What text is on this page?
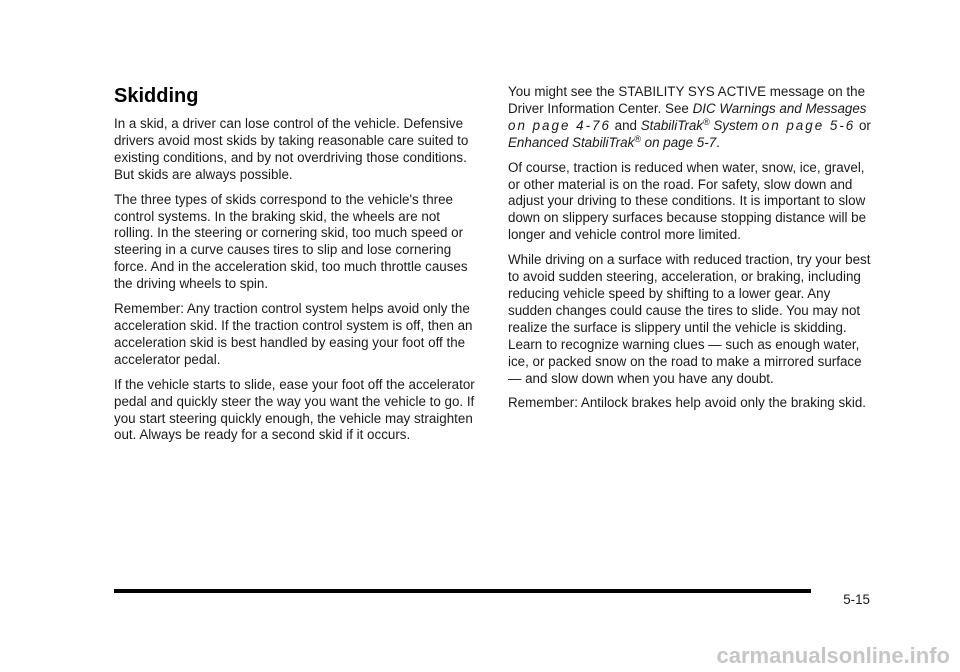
Skidding

In a skid, a driver can lose control of the vehicle. Defensive drivers avoid most skids by taking reasonable care suited to existing conditions, and by not overdriving those conditions. But skids are always possible.

The three types of skids correspond to the vehicle's three control systems. In the braking skid, the wheels are not rolling. In the steering or cornering skid, too much speed or steering in a curve causes tires to slip and lose cornering force. And in the acceleration skid, too much throttle causes the driving wheels to spin.

Remember: Any traction control system helps avoid only the acceleration skid. If the traction control system is off, then an acceleration skid is best handled by easing your foot off the accelerator pedal.

If the vehicle starts to slide, ease your foot off the accelerator pedal and quickly steer the way you want the vehicle to go. If you start steering quickly enough, the vehicle may straighten out. Always be ready for a second skid if it occurs.

You might see the STABILITY SYS ACTIVE message on the Driver Information Center. See DIC Warnings and Messages on page 4-76 and StabiliTrak® System on page 5-6 or Enhanced StabiliTrak® on page 5-7.

Of course, traction is reduced when water, snow, ice, gravel, or other material is on the road. For safety, slow down and adjust your driving to these conditions. It is important to slow down on slippery surfaces because stopping distance will be longer and vehicle control more limited.

While driving on a surface with reduced traction, try your best to avoid sudden steering, acceleration, or braking, including reducing vehicle speed by shifting to a lower gear. Any sudden changes could cause the tires to slide. You may not realize the surface is slippery until the vehicle is skidding. Learn to recognize warning clues — such as enough water, ice, or packed snow on the road to make a mirrored surface — and slow down when you have any doubt.

Remember: Antilock brakes help avoid only the braking skid.

5-15
carmanualsonline.info
